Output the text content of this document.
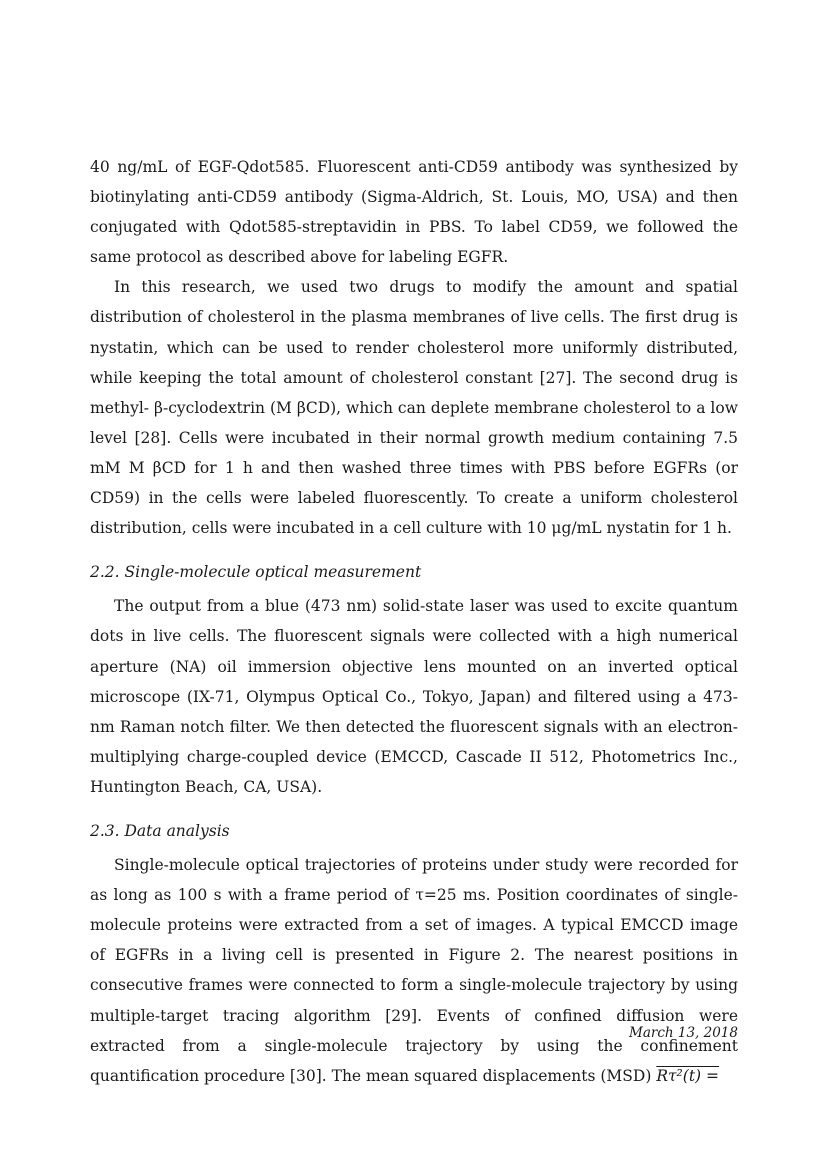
40 ng/mL of EGF-Qdot585. Fluorescent anti-CD59 antibody was synthesized by biotinylating anti-CD59 antibody (Sigma-Aldrich, St. Louis, MO, USA) and then conjugated with Qdot585-streptavidin in PBS. To label CD59, we followed the same protocol as described above for labeling EGFR.

In this research, we used two drugs to modify the amount and spatial distribution of cholesterol in the plasma membranes of live cells. The first drug is nystatin, which can be used to render cholesterol more uniformly distributed, while keeping the total amount of cholesterol constant [27]. The second drug is methyl- β-cyclodextrin (M βCD), which can deplete membrane cholesterol to a low level [28]. Cells were incubated in their normal growth medium containing 7.5 mM M βCD for 1 h and then washed three times with PBS before EGFRs (or CD59) in the cells were labeled fluorescently. To create a uniform cholesterol distribution, cells were incubated in a cell culture with 10 μg/mL nystatin for 1 h.

2.2. Single-molecule optical measurement

The output from a blue (473 nm) solid-state laser was used to excite quantum dots in live cells. The fluorescent signals were collected with a high numerical aperture (NA) oil immersion objective lens mounted on an inverted optical microscope (IX-71, Olympus Optical Co., Tokyo, Japan) and filtered using a 473-nm Raman notch filter. We then detected the fluorescent signals with an electron-multiplying charge-coupled device (EMCCD, Cascade II 512, Photometrics Inc., Huntington Beach, CA, USA).

2.3. Data analysis

Single-molecule optical trajectories of proteins under study were recorded for as long as 100 s with a frame period of τ=25 ms. Position coordinates of single-molecule proteins were extracted from a set of images. A typical EMCCD image of EGFRs in a living cell is presented in Figure 2. The nearest positions in consecutive frames were connected to form a single-molecule trajectory by using multiple-target tracing algorithm [29]. Events of confined diffusion were extracted from a single-molecule trajectory by using the confinement quantification procedure [30]. The mean squared displacements (MSD) Rτ²(t) =

March 13, 2018
